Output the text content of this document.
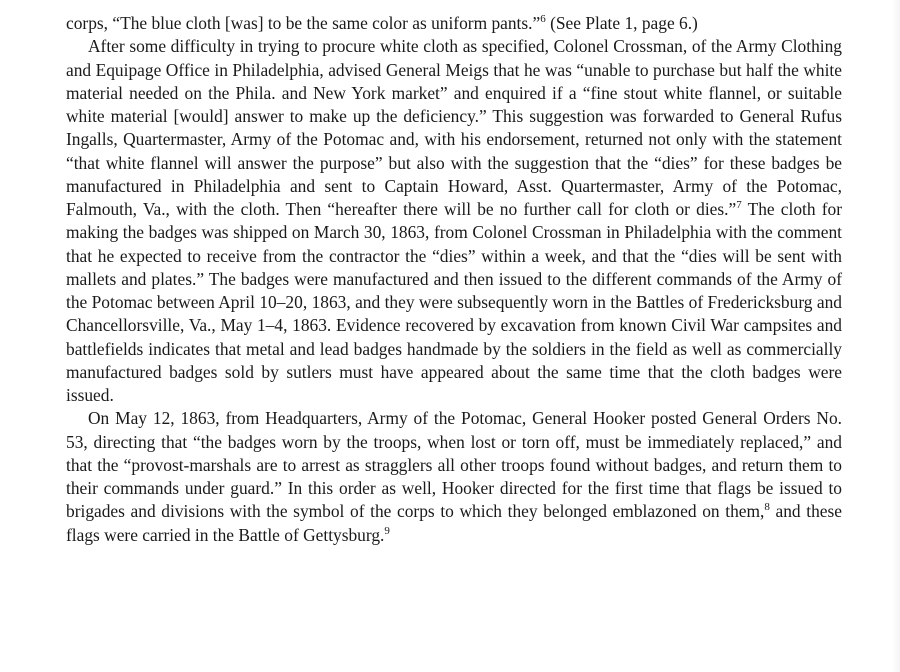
corps, “The blue cloth [was] to be the same color as uniform pants.”$^6$ (See Plate 1, page 6.)

After some difficulty in trying to procure white cloth as specified, Colonel Crossman, of the Army Clothing and Equipage Office in Philadelphia, advised General Meigs that he was “unable to purchase but half the white material needed on the Phila. and New York market” and enquired if a “fine stout white flannel, or suitable white material [would] answer to make up the deficiency.” This suggestion was forwarded to General Rufus Ingalls, Quartermaster, Army of the Potomac and, with his endorsement, returned not only with the statement “that white flannel will answer the purpose” but also with the suggestion that the “dies” for these badges be manufactured in Philadelphia and sent to Captain Howard, Asst. Quartermaster, Army of the Potomac, Falmouth, Va., with the cloth. Then “hereafter there will be no further call for cloth or dies.”$^7$ The cloth for making the badges was shipped on March 30, 1863, from Colonel Crossman in Philadelphia with the comment that he expected to receive from the contractor the “dies” within a week, and that the “dies will be sent with mallets and plates.” The badges were manufactured and then issued to the different commands of the Army of the Potomac between April 10–20, 1863, and they were subsequently worn in the Battles of Fredericksburg and Chancellorsville, Va., May 1–4, 1863. Evidence recovered by excavation from known Civil War campsites and battlefields indicates that metal and lead badges handmade by the soldiers in the field as well as commercially manufactured badges sold by sutlers must have appeared about the same time that the cloth badges were issued.

On May 12, 1863, from Headquarters, Army of the Potomac, General Hooker posted General Orders No. 53, directing that “the badges worn by the troops, when lost or torn off, must be immediately replaced,” and that the “provost-marshals are to arrest as stragglers all other troops found without badges, and return them to their commands under guard.” In this order as well, Hooker directed for the first time that flags be issued to brigades and divisions with the symbol of the corps to which they belonged emblazoned on them,$^8$ and these flags were carried in the Battle of Gettysburg.$^9$
